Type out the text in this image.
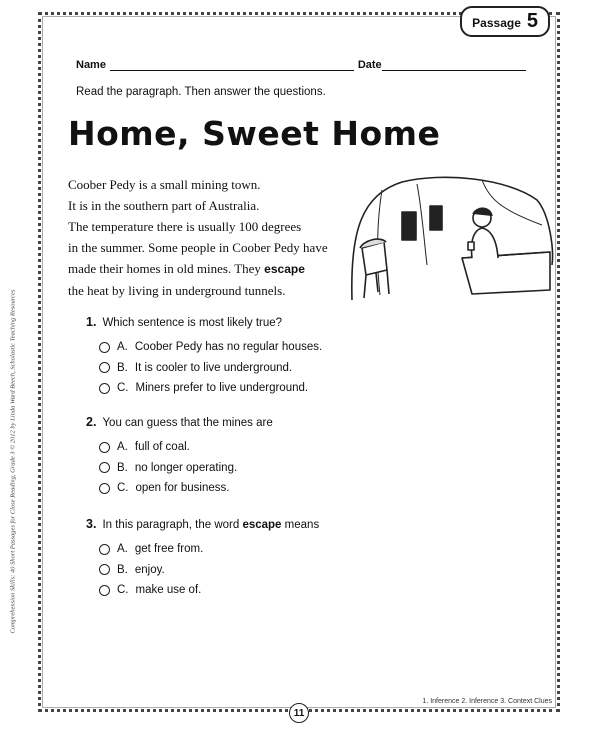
Passage 5
Name	Date
Read the paragraph. Then answer the questions.
Home, Sweet Home
Coober Pedy is a small mining town.
It is in the southern part of Australia.
The temperature there is usually 100 degrees
in the summer. Some people in Coober Pedy have
made their homes in old mines. They escape
the heat by living in underground tunnels.
1. Which sentence is most likely true?
A. Coober Pedy has no regular houses.
B. It is cooler to live underground.
C. Miners prefer to live underground.
2. You can guess that the mines are
A. full of coal.
B. no longer operating.
C. open for business.
3. In this paragraph, the word escape means
A. get free from.
B. enjoy.
C. make use of.
Comprehension Skills: 40 Short Passages for Close Reading, Grade 3 © 2012 by Linda Ward Beech, Scholastic Teaching Resources
1. Inference 2. Inference 3. Context Clues
11
